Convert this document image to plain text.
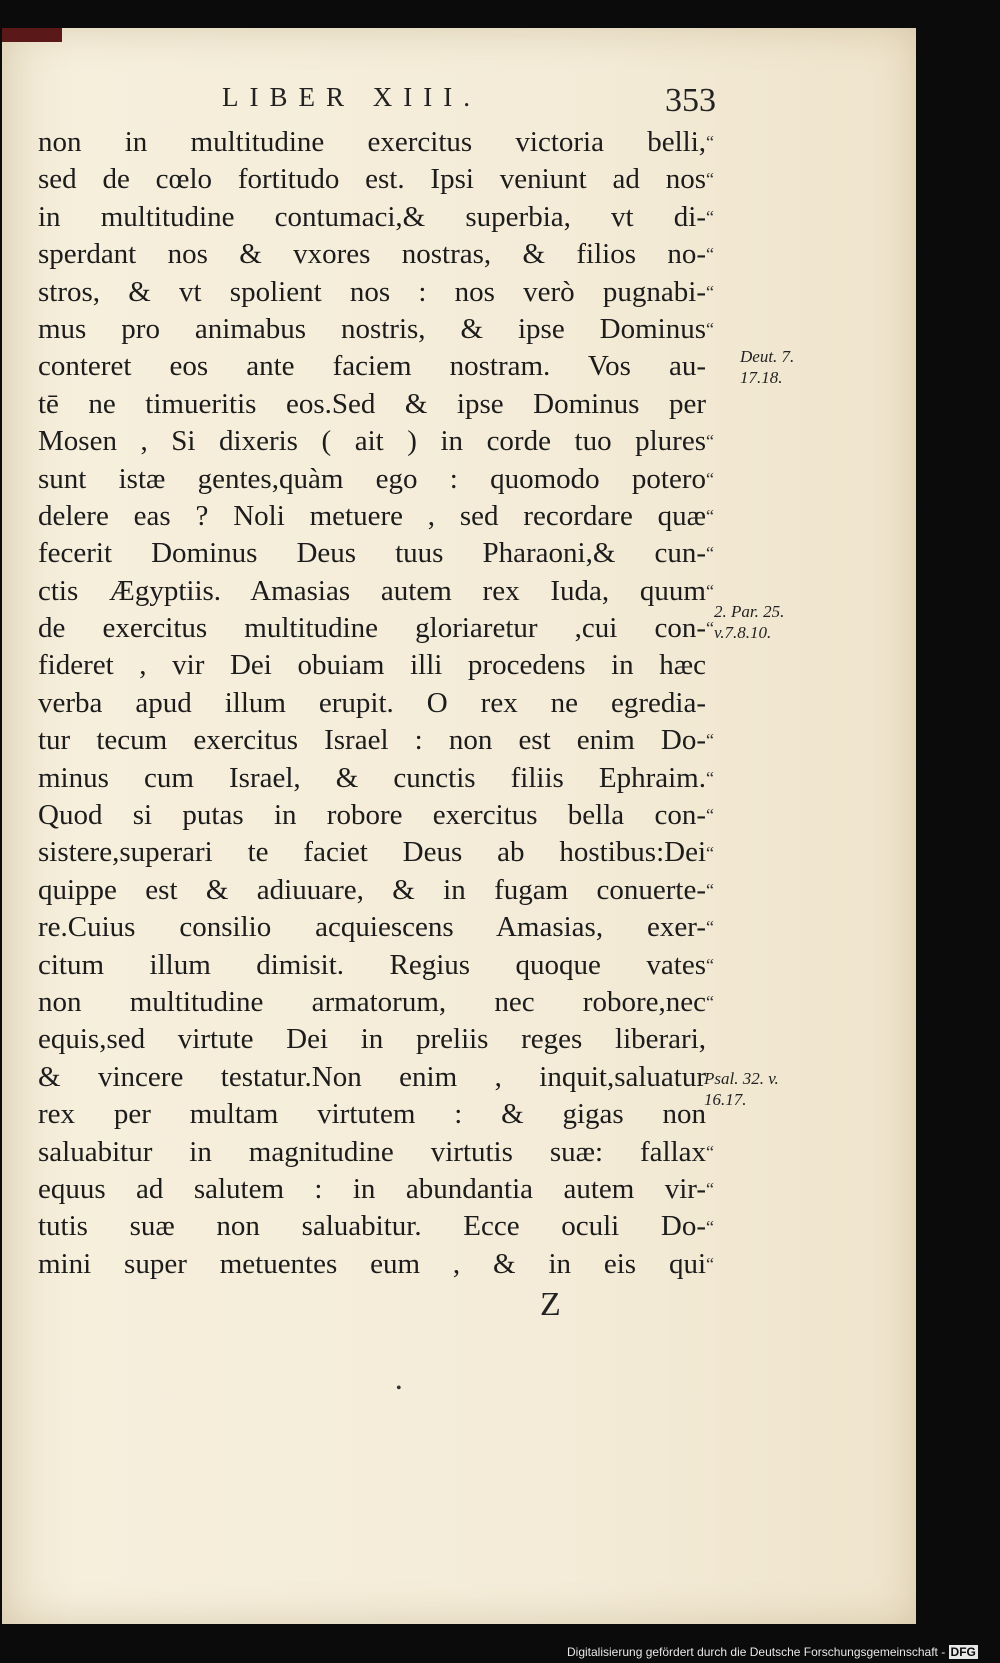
LIBER XIII.	353
non in multitudine exercitus victoria belli,
sed de cœlo fortitudo est. Ipsi veniunt ad nos
in multitudine contumaci,& superbia, vt di-
sperdant nos & vxores nostras, & filios no-
stros, & vt spolient nos : nos verò pugnabi-
mus pro animabus nostris, & ipse Dominus
conteret eos ante faciem nostram. Vos au-
tē ne timueritis eos.Sed & ipse Dominus per
Mosen , Si dixeris ( ait ) in corde tuo plures
sunt istæ gentes,quàm ego : quomodo potero
delere eas ? Noli metuere , sed recordare quæ
fecerit Dominus Deus tuus Pharaoni,& cun-
ctis Ægyptiis. Amasias autem rex Iuda, quum
de exercitus multitudine gloriaretur ,cui con-
fideret , vir Dei obuiam illi procedens in hæc
verba apud illum erupit. O rex ne egredia-
tur tecum exercitus Israel : non est enim Do-
minus cum Israel, & cunctis filiis Ephraim.
Quod si putas in robore exercitus bella con-
sistere,superari te faciet Deus ab hostibus:Dei
quippe est & adiuuare, & in fugam conuerte-
re.Cuius consilio acquiescens Amasias, exer-
citum illum dimisit. Regius quoque vates
non multitudine armatorum, nec robore,nec
equis,sed virtute Dei in preliis reges liberari,
& vincere testatur.Non enim , inquit,saluatur
rex per multam virtutem : & gigas non
saluabitur in magnitudine virtutis suæ: fallax
equus ad salutem : in abundantia autem vir-
tutis suæ non saluabitur. Ecce oculi Do-
mini super metuentes eum , & in eis qui
“
“
“
“
“
“
“
“
“
“
“
“
“
“
“
“
“
“
“
“
“
“
“
“
Deut. 7.
17.18.
2. Par. 25.
v.7.8.10.
Psal. 32. v.
16.17.
Z
•
Digitalisierung gefördert durch die Deutsche Forschungsgemeinschaft - DFG
